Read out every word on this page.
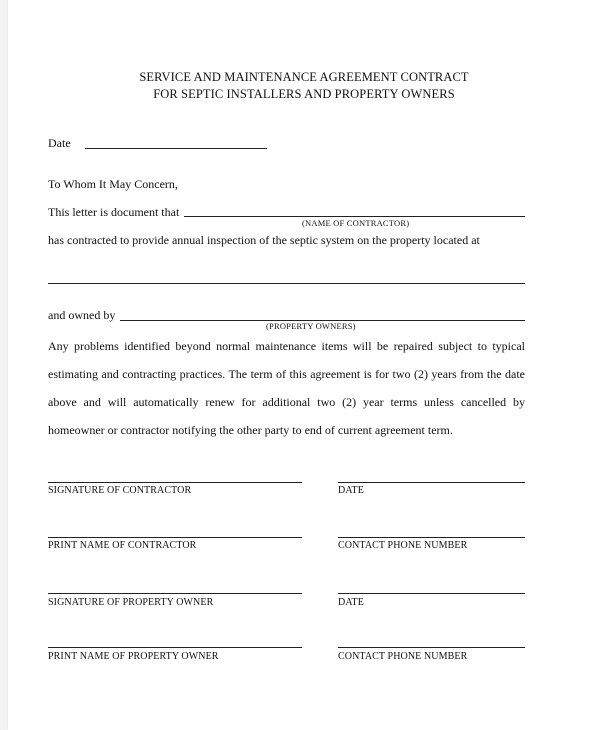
SERVICE AND MAINTENANCE AGREEMENT CONTRACT
FOR SEPTIC INSTALLERS AND PROPERTY OWNERS
Date
To Whom It May Concern,
This letter is document that
(NAME OF CONTRACTOR)
has contracted to provide annual inspection of the septic system on the property located at
and owned by
(PROPERTY OWNERS)
Any problems identified beyond normal maintenance items will be repaired subject to typical
estimating and contracting practices. The term of this agreement is for two (2) years from the date
above and will automatically renew for additional two (2) year terms unless cancelled by
homeowner or contractor notifying the other party to end of current agreement term.
SIGNATURE OF CONTRACTOR	DATE
PRINT NAME OF CONTRACTOR	CONTACT PHONE NUMBER
SIGNATURE OF PROPERTY OWNER	DATE
PRINT NAME OF PROPERTY OWNER	CONTACT PHONE NUMBER
